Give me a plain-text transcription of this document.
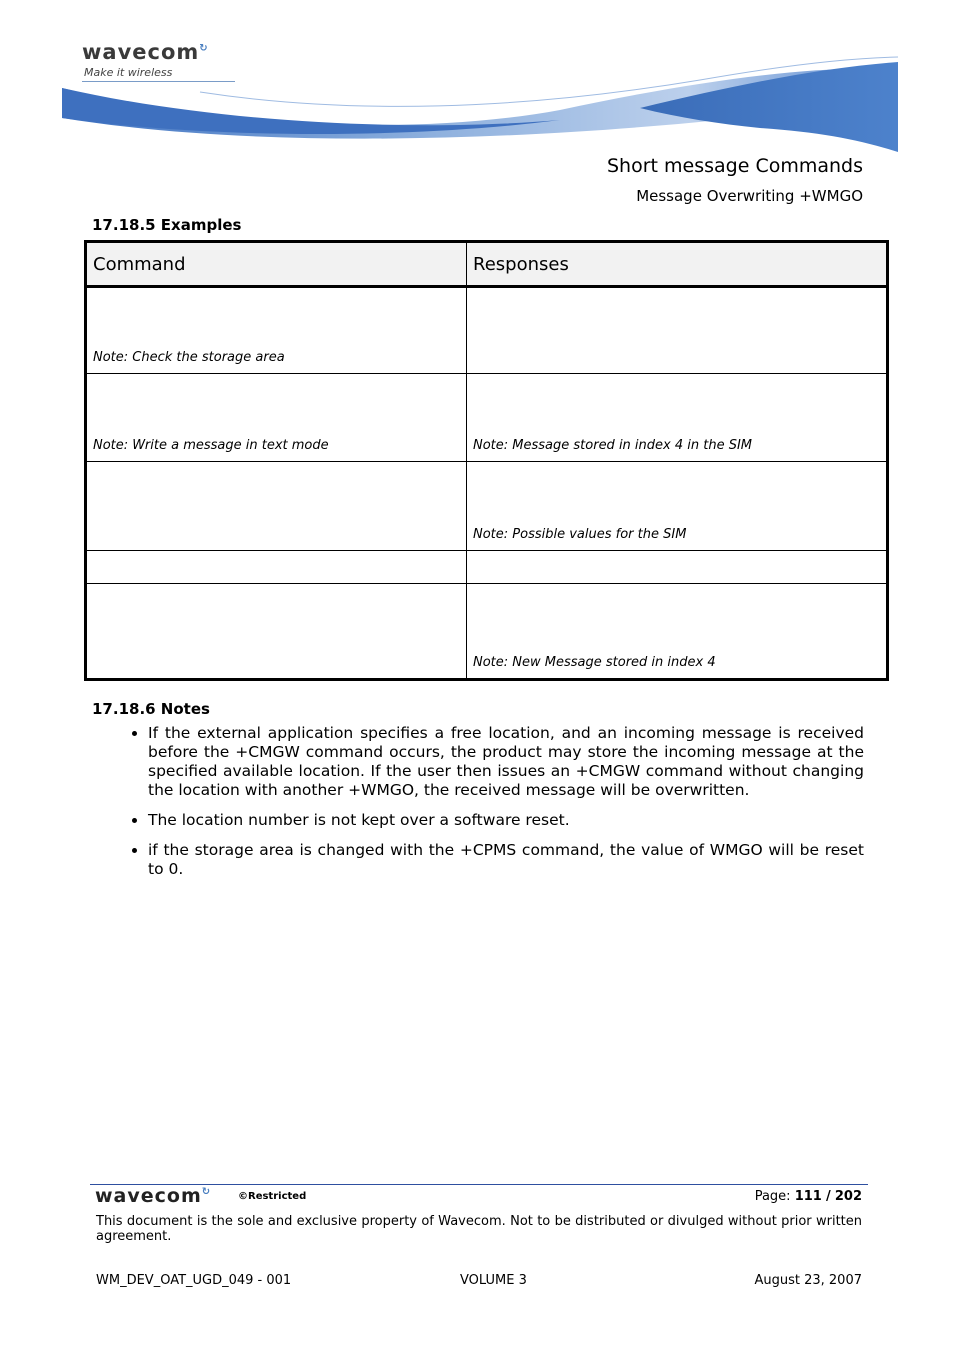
wavecom↻
Make it wireless
Short message Commands
Message Overwriting +WMGO
17.18.5 Examples
Command	Responses
Note: Check the storage area	
Note: Write a message in text mode	Note: Message stored in index 4 in the SIM
	Note: Possible values for the SIM

	Note: New Message stored in index 4
17.18.6 Notes
• If the external application specifies a free location, and an incoming message is received before the +CMGW command occurs, the product may store the incoming message at the specified available location. If the user then issues an +CMGW command without changing the location with another +WMGO, the received message will be overwritten.
• The location number is not kept over a software reset.
• if the storage area is changed with the +CPMS command, the value of WMGO will be reset to 0.
wavecom↻	©Restricted	Page: 111 / 202
This document is the sole and exclusive property of Wavecom. Not to be distributed or divulged without prior written agreement.
WM_DEV_OAT_UGD_049 - 001	VOLUME 3	August 23, 2007
